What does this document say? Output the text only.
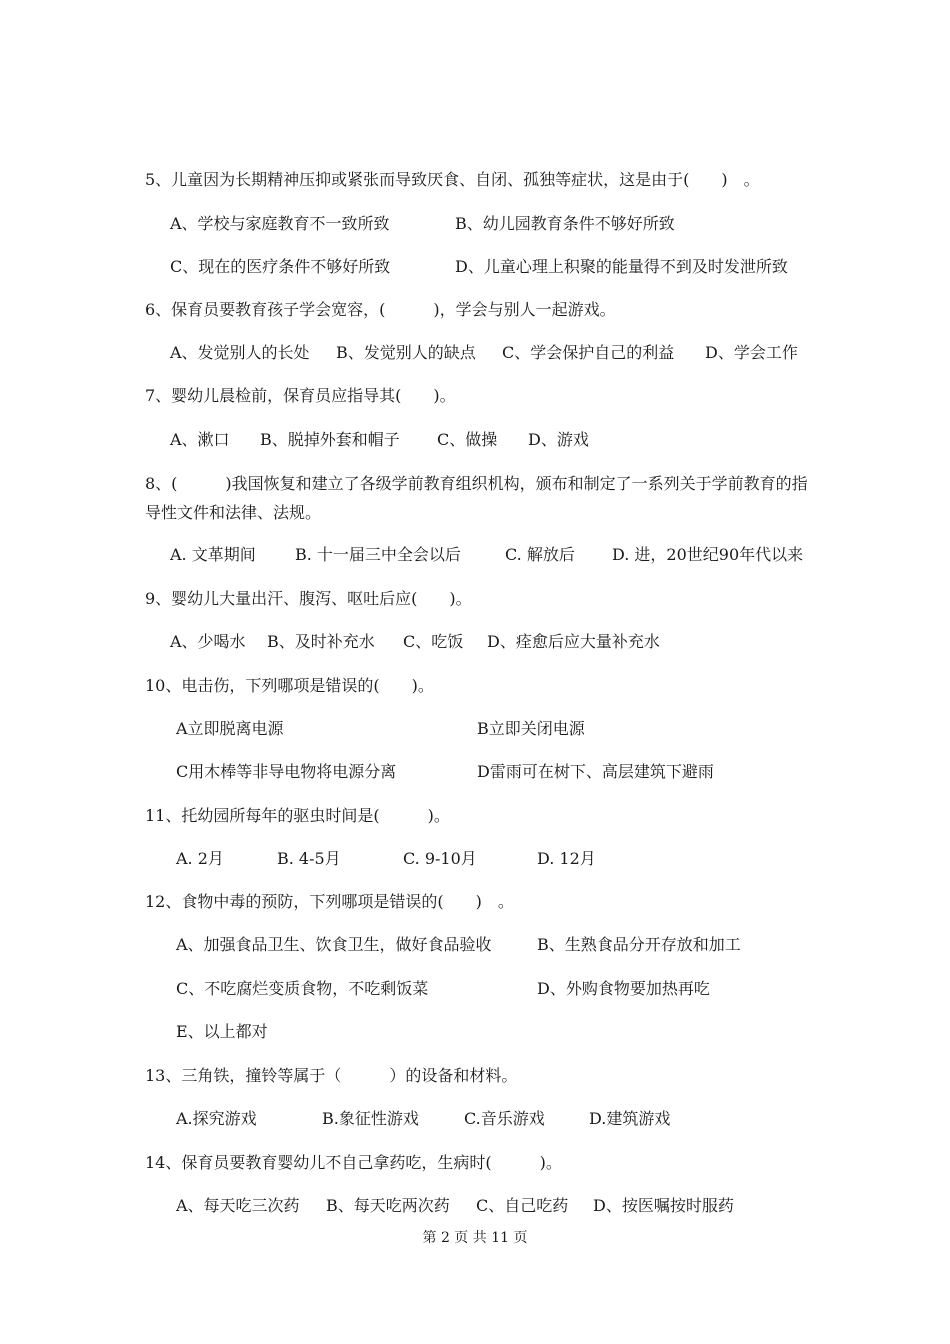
5、儿童因为长期精神压抑或紧张而导致厌食、自闭、孤独等症状，这是由于(　　)　。
A、学校与家庭教育不一致所致	B、幼儿园教育条件不够好所致
C、现在的医疗条件不够好所致	D、儿童心理上积聚的能量得不到及时发泄所致
6、保育员要教育孩子学会宽容，(　　　)，学会与别人一起游戏。
A、发觉别人的长处 B、发觉别人的缺点 C、学会保护自己的利益 D、学会工作
7、婴幼儿晨检前，保育员应指导其(　　)。
A、漱口 B、脱掉外套和帽子 C、做操 D、游戏
8、(　　　)我国恢复和建立了各级学前教育组织机构，颁布和制定了一系列关于学前教育的指导性文件和法律、法规。
A. 文革期间 B. 十一届三中全会以后	C. 解放后 D. 进，20世纪90年代以来
9、婴幼儿大量出汗、腹泻、呕吐后应(　　)。
A、少喝水 B、及时补充水 C、吃饭 D、痊愈后应大量补充水
10、电击伤，下列哪项是错误的(　　)。
A立即脱离电源	B立即关闭电源
C用木棒等非导电物将电源分离	D雷雨可在树下、高层建筑下避雨
11、托幼园所每年的驱虫时间是(　　　)。
A. 2月	B. 4-5月	C. 9-10月	D. 12月
12、食物中毒的预防，下列哪项是错误的(　　)　。
A、加强食品卫生、饮食卫生，做好食品验收	B、生熟食品分开存放和加工
C、不吃腐烂变质食物，不吃剩饭菜	D、外购食物要加热再吃
E、以上都对
13、三角铁，撞铃等属于（　　　）的设备和材料。
A.探究游戏	B.象征性游戏	C.音乐游戏	D.建筑游戏
14、保育员要教育婴幼儿不自己拿药吃，生病时(　　　)。
A、每天吃三次药 B、每天吃两次药 C、自己吃药 D、按医嘱按时服药
第 2 页 共 11 页
